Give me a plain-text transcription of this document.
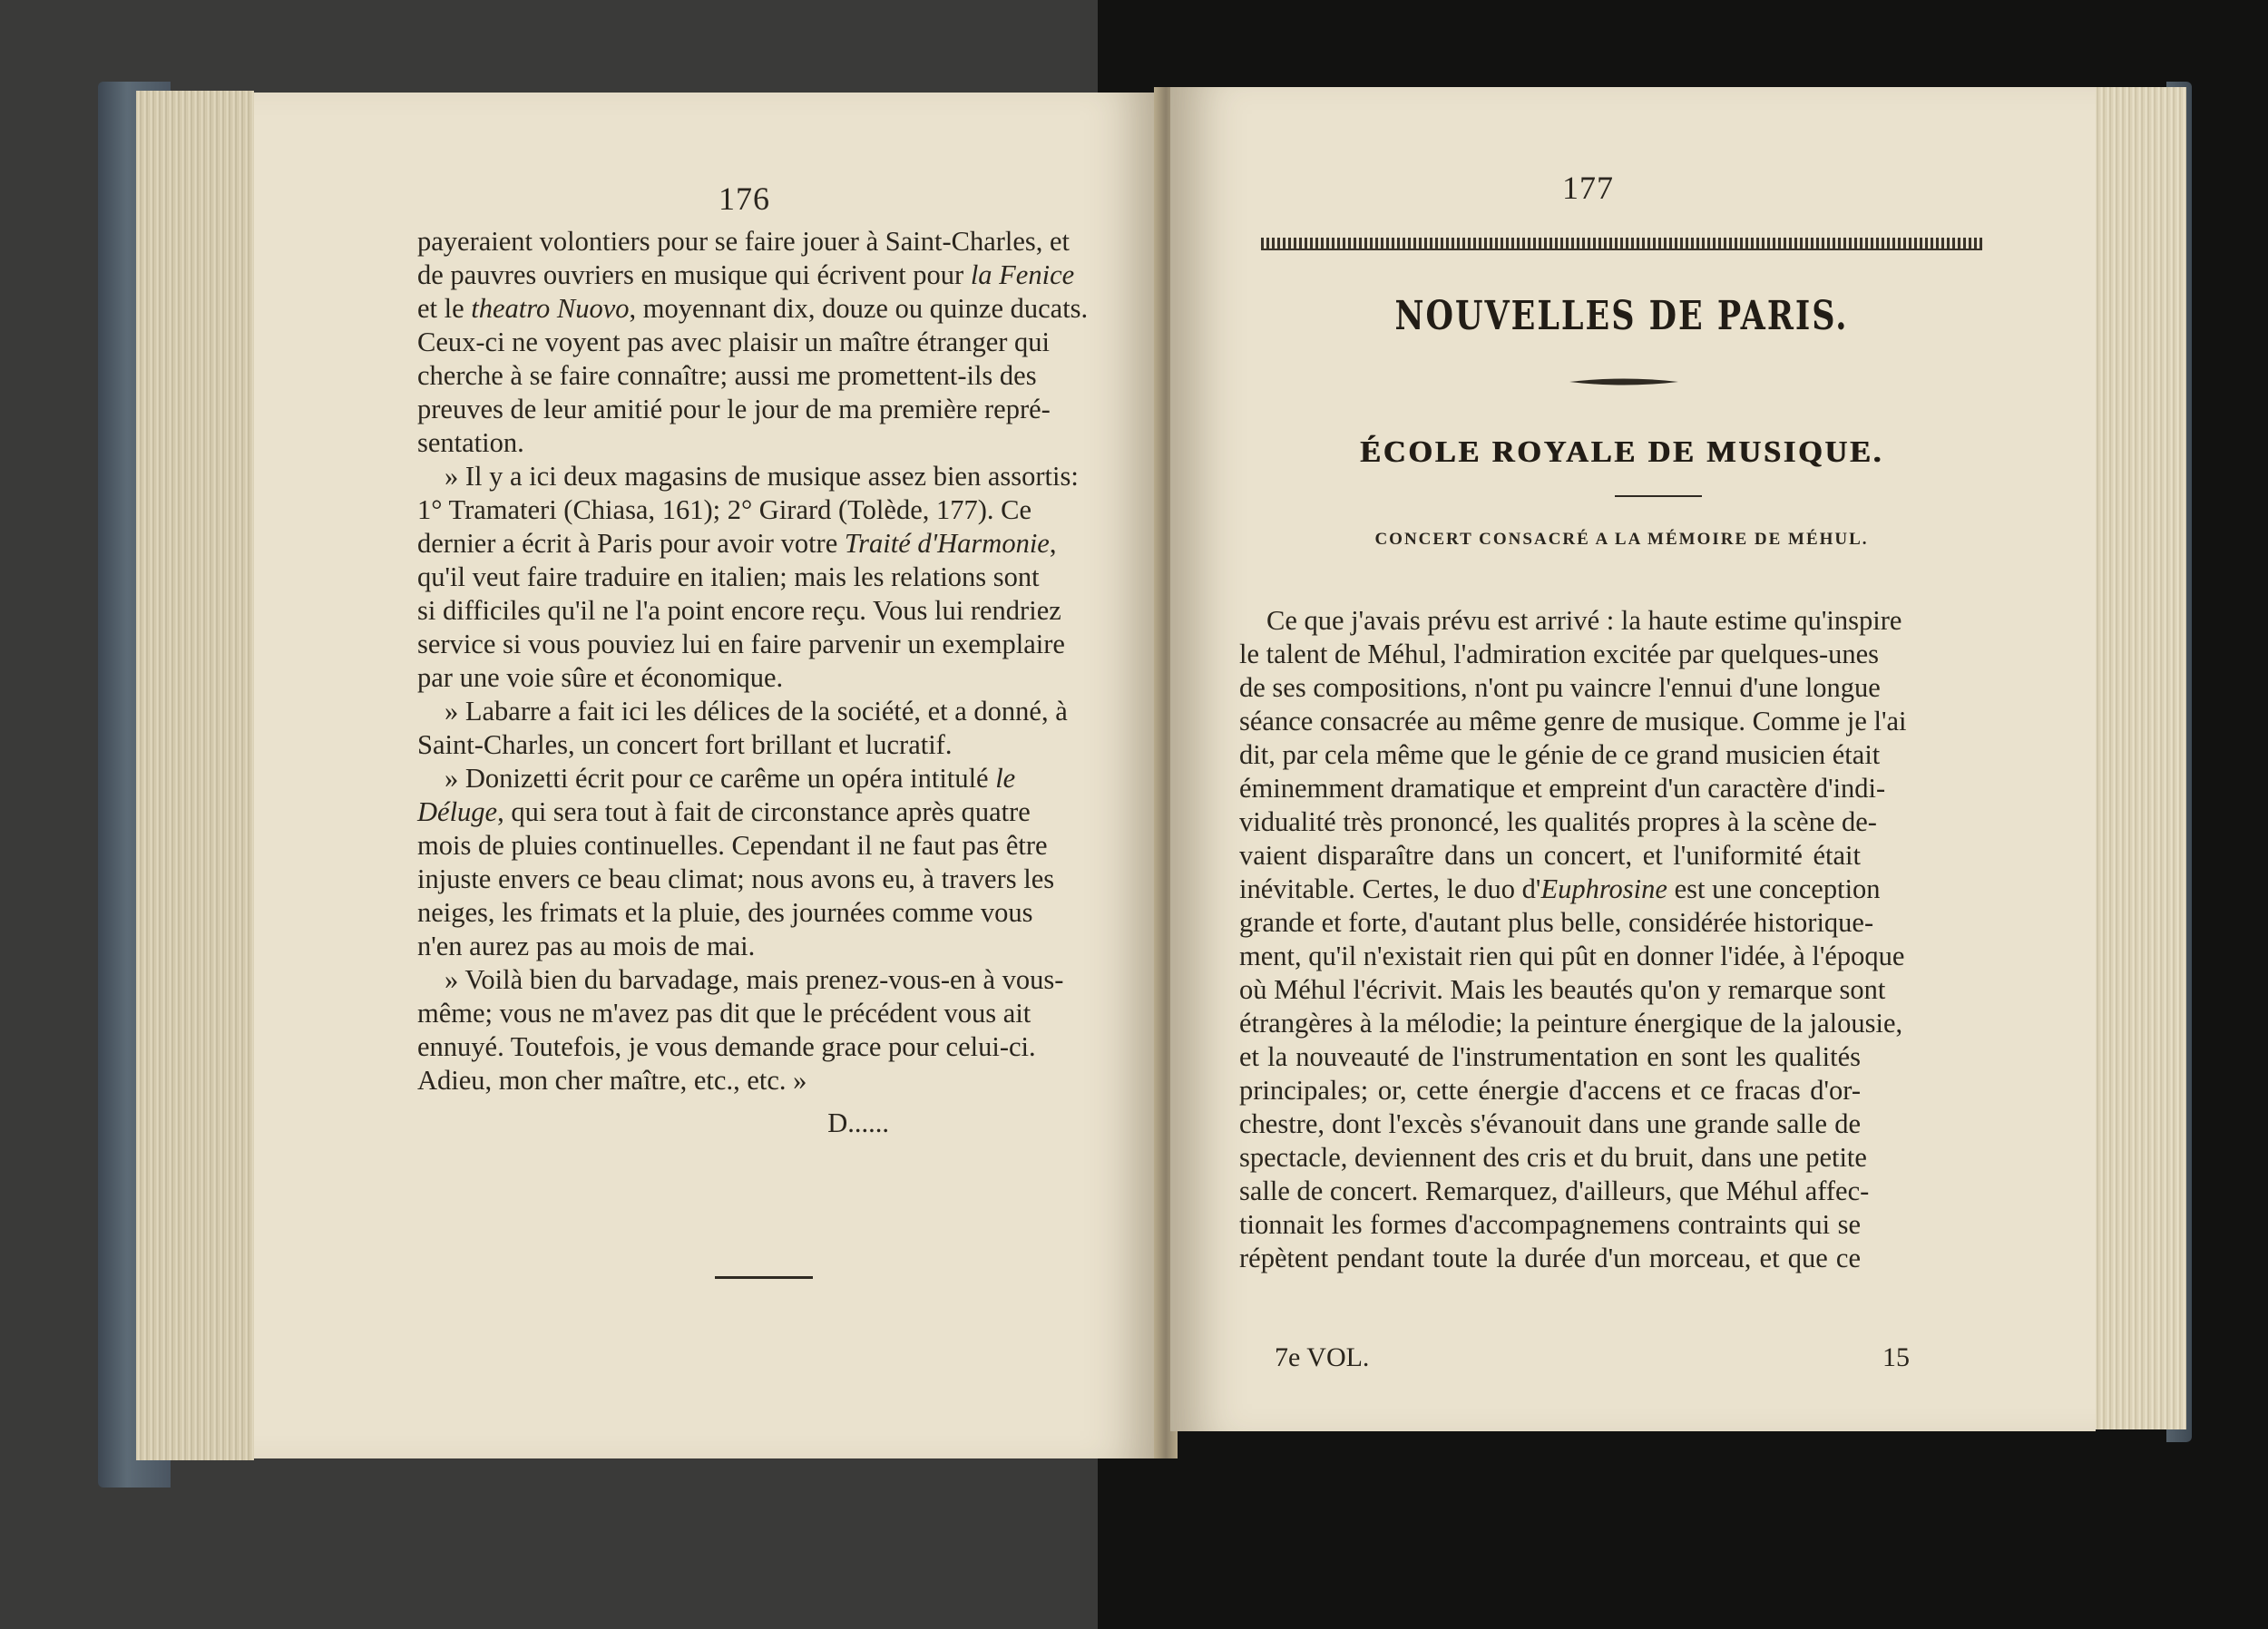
176
payeraient volontiers pour se faire jouer à Saint-Charles, et
de pauvres ouvriers en musique qui écrivent pour la Fenice
et le theatro Nuovo, moyennant dix, douze ou quinze ducats.
Ceux-ci ne voyent pas avec plaisir un maître étranger qui
cherche à se faire connaître; aussi me promettent-ils des
preuves de leur amitié pour le jour de ma première repré-
sentation.
» Il y a ici deux magasins de musique assez bien assortis:
1° Tramateri (Chiasa, 161); 2° Girard (Tolède, 177). Ce
dernier a écrit à Paris pour avoir votre Traité d'Harmonie,
qu'il veut faire traduire en italien; mais les relations sont
si difficiles qu'il ne l'a point encore reçu. Vous lui rendriez
service si vous pouviez lui en faire parvenir un exemplaire
par une voie sûre et économique.
» Labarre a fait ici les délices de la société, et a donné, à
Saint-Charles, un concert fort brillant et lucratif.
» Donizetti écrit pour ce carême un opéra intitulé le
Déluge, qui sera tout à fait de circonstance après quatre
mois de pluies continuelles. Cependant il ne faut pas être
injuste envers ce beau climat; nous avons eu, à travers les
neiges, les frimats et la pluie, des journées comme vous
n'en aurez pas au mois de mai.
» Voilà bien du barvadage, mais prenez-vous-en à vous-
même; vous ne m'avez pas dit que le précédent vous ait
ennuyé. Toutefois, je vous demande grace pour celui-ci.
Adieu, mon cher maître, etc., etc. »
D......
177
NOUVELLES DE PARIS.
ÉCOLE ROYALE DE MUSIQUE.
CONCERT CONSACRÉ A LA MÉMOIRE DE MÉHUL.
Ce que j'avais prévu est arrivé : la haute estime qu'inspire
le talent de Méhul, l'admiration excitée par quelques-unes
de ses compositions, n'ont pu vaincre l'ennui d'une longue
séance consacrée au même genre de musique. Comme je l'ai
dit, par cela même que le génie de ce grand musicien était
éminemment dramatique et empreint d'un caractère d'indi-
vidualité très prononcé, les qualités propres à la scène de-
vaient disparaître dans un concert, et l'uniformité était
inévitable. Certes, le duo d'Euphrosine est une conception
grande et forte, d'autant plus belle, considérée historique-
ment, qu'il n'existait rien qui pût en donner l'idée, à l'époque
où Méhul l'écrivit. Mais les beautés qu'on y remarque sont
étrangères à la mélodie; la peinture énergique de la jalousie,
et la nouveauté de l'instrumentation en sont les qualités
principales; or, cette énergie d'accens et ce fracas d'or-
chestre, dont l'excès s'évanouit dans une grande salle de
spectacle, deviennent des cris et du bruit, dans une petite
salle de concert. Remarquez, d'ailleurs, que Méhul affec-
tionnait les formes d'accompagnemens contraints qui se
répètent pendant toute la durée d'un morceau, et que ce
7e VOL.	15
